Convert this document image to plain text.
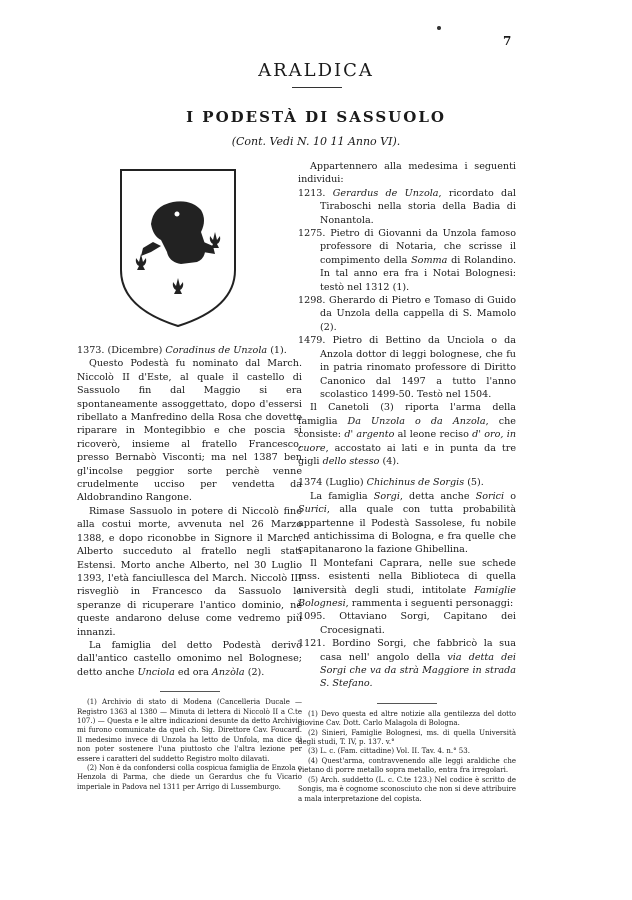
7
ARALDICA
I PODESTÀ DI SASSUOLO
(Cont. Vedi N. 10 11 Anno VI).

1373. (Dicembre) Coradinus de Unzola (1).

Questo Podestà fu nominato dal March. Niccolò II d'Este, al quale il castello di Sassuolo fin dal Maggio si era spontaneamente assoggettato, dopo d'essersi ribellato a Manfredino della Rosa che dovette riparare in Montegibbio e che poscia si ricoverò, insieme al fratello Francesco, presso Bernabò Visconti; ma nel 1387 ben gl'incolse peggior sorte perchè venne crudelmente ucciso per vendetta da Aldobrandino Rangone.

Rimase Sassuolo in potere di Niccolò fino alla costui morte, avvenuta nel 26 Marzo 1388, e dopo riconobbe in Signore il March. Alberto succeduto al fratello negli stati Estensi. Morto anche Alberto, nel 30 Luglio 1393, l'età fanciullesca del March. Niccolò III risvegliò in Francesco da Sassuolo le speranze di ricuperare l'antico dominio, nè queste andarono deluse come vedremo più innanzi.

La famiglia del detto Podestà derivò dall'antico castello omonimo nel Bolognese; detto anche Unciola ed ora Anzòla (2).

(1) Archivio di stato di Modena (Cancelleria Ducale — Registro 1363 al 1380 — Minuta di lettera di Niccolò II a C.te 107.) — Questa e le altre indicazioni desunte da detto Archivio mi furono comunicate da quel ch. Sig. Direttore Cav. Foucard. Il medesimo invece di Unzola ha letto de Unfola, ma dice di non poter sostenere l'una piuttosto che l'altra lezione per essere i caratteri del suddetto Registro molto dilavati.

(2) Non è da confondersi colla cospicua famiglia de Enzola o Henzola di Parma, che diede un Gerardus che fu Vicario imperiale in Padova nel 1311 per Arrigo di Lussemburgo.

Appartennero alla medesima i seguenti individui:

1213. Gerardus de Unzola, ricordato dal Tiraboschi nella storia della Badia di Nonantola.

1275. Pietro di Giovanni da Unzola famoso professore di Notaria, che scrisse il compimento della Somma di Rolandino. In tal anno era fra i Notai Bolognesi: testò nel 1312 (1).

1298. Gherardo di Pietro e Tomaso di Guido da Unzola della cappella di S. Mamolo (2).

1479. Pietro di Bettino da Unciola o da Anzola dottor di leggi bolognese, che fu in patria rinomato professore di Diritto Canonico dal 1497 a tutto l'anno scolastico 1499-50. Testò nel 1504.

Il Canetoli (3) riporta l'arma della famiglia Da Unzola o da Anzola, che consiste: d' argento al leone reciso d' oro, in cuore, accostato ai lati e in punta da tre gigli dello stesso (4).

1374 (Luglio) Chichinus de Sorgis (5).

La famiglia Sorgi, detta anche Sorici o Surici, alla quale con tutta probabilità appartenne il Podestà Sassolese, fu nobile ed antichissima di Bologna, e fra quelle che capitanarono la fazione Ghibellina.

Il Montefani Caprara, nelle sue schede mss. esistenti nella Biblioteca di quella università degli studi, intitolate Famiglie Bolognesi, rammenta i seguenti personaggi:

1095. Ottaviano Sorgi, Capitano dei Crocesignati.

1121. Bordino Sorgi, che fabbricò la sua casa nell' angolo della via detta dei Sorgi che va da strà Maggiore in strada S. Stefano.

(1) Devo questa ed altre notizie alla gentilezza del dotto giovine Cav. Dott. Carlo Malagola di Bologna.

(2) Sinieri, Famiglie Bolognesi, ms. di quella Università degli studi, T. IV, p. 137. v.°

(3) L. c. (Fam. cittadine) Vol. II. Tav. 4. n.° 53.

(4) Quest'arma, contravvenendo alle leggi araldiche che vietano di porre metallo sopra metallo, entra fra irregolari.

(5) Arch. suddetto (L. c. C.te 123.) Nel codice è scritto de Songis, ma è cognome sconosciuto che non si deve attribuire a mala interpretazione del copista.
